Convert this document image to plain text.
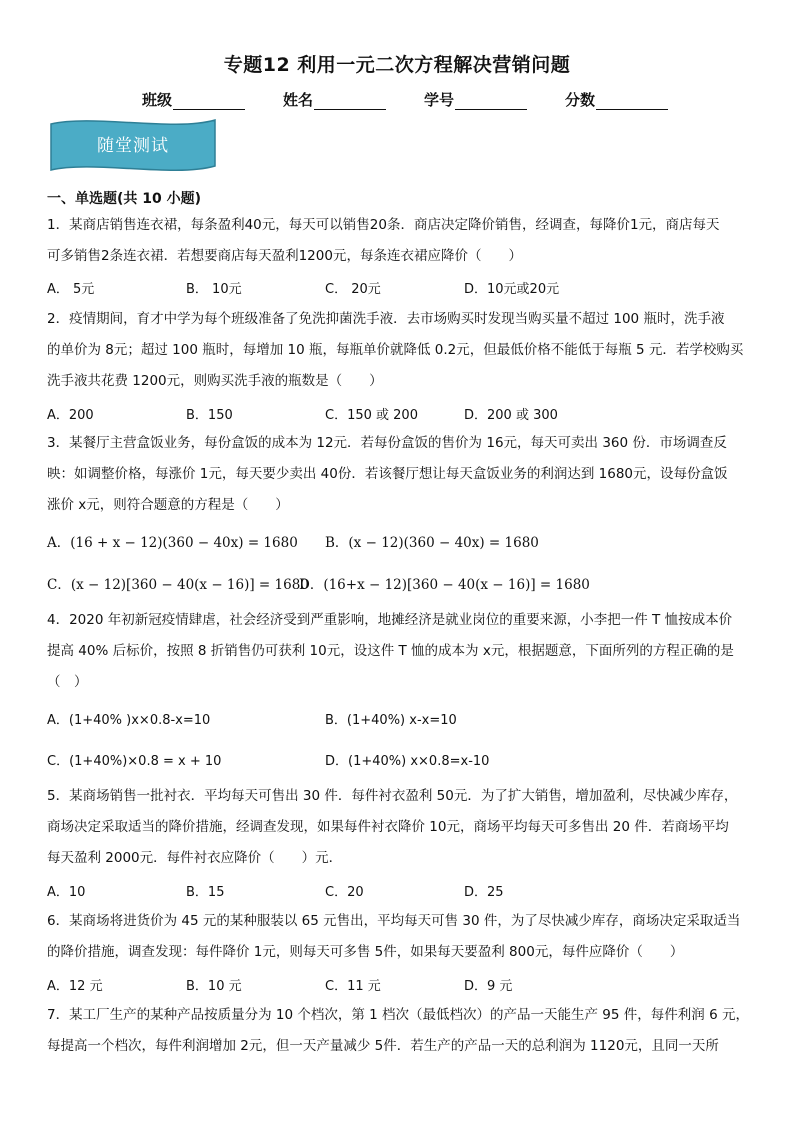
专题12 利用一元二次方程解决营销问题
班级	姓名	学号	分数
随堂测试
一、单选题(共 10 小题)
1．某商店销售连衣裙，每条盈利40元，每天可以销售20条．商店决定降价销售，经调查，每降价1元，商店每天
可多销售2条连衣裙．若想要商店每天盈利1200元，每条连衣裙应降价（　　）
A． 5元	B． 10元	C． 20元	D．10元或20元
2．疫情期间，育才中学为每个班级准备了免洗抑菌洗手液．去市场购买时发现当购买量不超过 100 瓶时，洗手液
的单价为 8元；超过 100 瓶时，每增加 10 瓶，每瓶单价就降低 0.2元，但最低价格不能低于每瓶 5 元．若学校购买
洗手液共花费 1200元，则购买洗手液的瓶数是（　　）
A．200	B．150	C．150 或 200	D．200 或 300
3．某餐厅主营盒饭业务，每份盒饭的成本为 12元．若每份盒饭的售价为 16元，每天可卖出 360 份．市场调查反
映：如调整价格，每涨价 1元，每天要少卖出 40份．若该餐厅想让每天盒饭业务的利润达到 1680元，设每份盒饭
涨价 x元，则符合题意的方程是（　　）
A．(16 + x − 12)(360 − 40x) = 1680 B．(x − 12)(360 − 40x) = 1680
C．(x − 12)[360 − 40(x − 16)] = 1680
D．(16+x − 12)[360 − 40(x − 16)] = 1680
4．2020 年初新冠疫情肆虐，社会经济受到严重影响，地摊经济是就业岗位的重要来源，小李把一件 T 恤按成本价
提高 40% 后标价，按照 8 折销售仍可获利 10元，设这件 T 恤的成本为 x元，根据题意，下面所列的方程正确的是
（　）
A．(1+40% )x×0.8-x=10	B．(1+40%) x-x=10
C．(1+40%)×0.8 = x + 10	D．(1+40%) x×0.8=x-10
5．某商场销售一批衬衣．平均每天可售出 30 件．每件衬衣盈利 50元．为了扩大销售，增加盈利，尽快减少库存，
商场决定采取适当的降价措施，经调查发现，如果每件衬衣降价 10元，商场平均每天可多售出 20 件．若商场平均
每天盈利 2000元．每件衬衣应降价（　　）元．
A．10	B．15	C．20	D．25
6．某商场将进货价为 45 元的某种服装以 65 元售出，平均每天可售 30 件，为了尽快减少库存，商场决定采取适当
的降价措施，调查发现：每件降价 1元，则每天可多售 5件，如果每天要盈利 800元，每件应降价（　　）
A．12 元	B．10 元	C．11 元	D．9 元
7．某工厂生产的某种产品按质量分为 10 个档次，第 1 档次（最低档次）的产品一天能生产 95 件，每件利润 6 元，
每提高一个档次，每件利润增加 2元，但一天产量减少 5件．若生产的产品一天的总利润为 1120元，且同一天所
